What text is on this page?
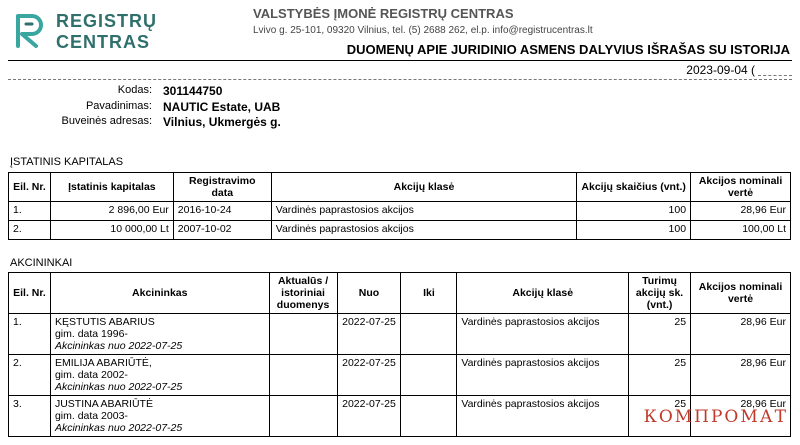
REGISTRŲ
CENTRAS
VALSTYBĖS ĮMONĖ REGISTRŲ CENTRAS
Lvivo g. 25-101, 09320 Vilnius, tel. (5) 2688 262, el.p. info@registrucentras.lt
DUOMENŲ APIE JURIDINIO ASMENS DALYVIUS IŠRAŠAS SU ISTORIJA
2023-09-04 (
Kodas: 301144750
Pavadinimas: NAUTIC Estate, UAB
Buveinės adresas: Vilnius, Ukmergės g.
ĮSTATINIS KAPITALAS
Eil. Nr.	Įstatinis kapitalas	Registravimo data	Akcijų klasė	Akcijų skaičius (vnt.)	Akcijos nominali vertė
1.	2 896,00 Eur	2016-10-24	Vardinės paprastosios akcijos	100	28,96 Eur
2.	10 000,00 Lt	2007-10-02	Vardinės paprastosios akcijos	100	100,00 Lt
AKCININKAI
Eil. Nr.	Akcininkas	Aktualūs / istoriniai duomenys	Nuo	Iki	Akcijų klasė	Turimų akcijų sk. (vnt.)	Akcijos nominali vertė
1.	KĘSTUTIS ABARIUS
gim. data 1996-
Akcininkas nuo 2022-07-25		2022-07-25		Vardinės paprastosios akcijos	25	28,96 Eur
2.	EMILIJA ABARIŪTĖ,
gim. data 2002-
Akcininkas nuo 2022-07-25		2022-07-25		Vardinės paprastosios akcijos	25	28,96 Eur
3.	JUSTINA ABARIŪTĖ
gim. data 2003-
Akcininkas nuo 2022-07-25		2022-07-25		Vardinės paprastosios akcijos	25	28,96 Eur
КОМПРОМАТ
